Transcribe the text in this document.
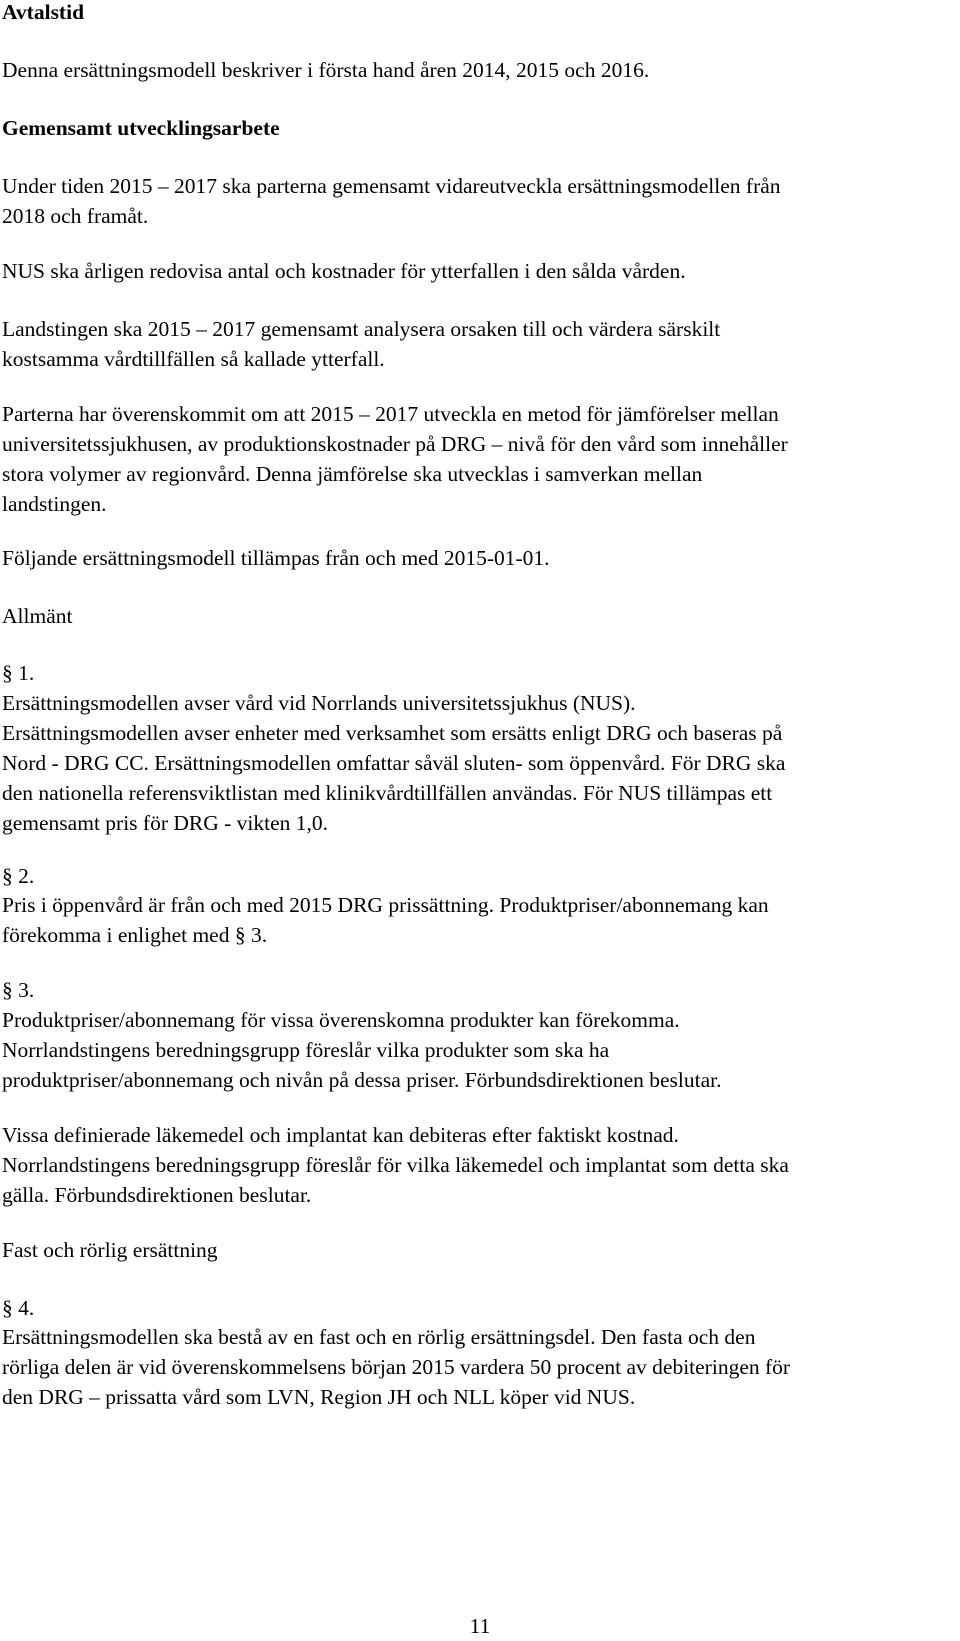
Avtalstid
Denna ersättningsmodell beskriver i första hand åren 2014, 2015 och 2016.
Gemensamt utvecklingsarbete
Under tiden 2015 – 2017 ska parterna gemensamt vidareutveckla ersättningsmodellen från
2018 och framåt.
NUS ska årligen redovisa antal och kostnader för ytterfallen i den sålda vården.
Landstingen ska 2015 – 2017 gemensamt analysera orsaken till och värdera särskilt
kostsamma vårdtillfällen så kallade ytterfall.
Parterna har överenskommit om att 2015 – 2017 utveckla en metod för jämförelser mellan
universitetssjukhusen, av produktionskostnader på DRG – nivå för den vård som innehåller
stora volymer av regionvård. Denna jämförelse ska utvecklas i samverkan mellan
landstingen.
Följande ersättningsmodell tillämpas från och med 2015-01-01.
Allmänt
§ 1.
Ersättningsmodellen avser vård vid Norrlands universitetssjukhus (NUS).
Ersättningsmodellen avser enheter med verksamhet som ersätts enligt DRG och baseras på
Nord - DRG CC. Ersättningsmodellen omfattar såväl sluten- som öppenvård. För DRG ska
den nationella referensviktlistan med klinikvårdtillfällen användas. För NUS tillämpas ett
gemensamt pris för DRG - vikten 1,0.
§ 2.
Pris i öppenvård är från och med 2015 DRG prissättning. Produktpriser/abonnemang kan
förekomma i enlighet med § 3.
§ 3.
Produktpriser/abonnemang för vissa överenskomna produkter kan förekomma.
Norrlandstingens beredningsgrupp föreslår vilka produkter som ska ha
produktpriser/abonnemang och nivån på dessa priser. Förbundsdirektionen beslutar.
Vissa definierade läkemedel och implantat kan debiteras efter faktiskt kostnad.
Norrlandstingens beredningsgrupp föreslår för vilka läkemedel och implantat som detta ska
gälla. Förbundsdirektionen beslutar.
Fast och rörlig ersättning
§ 4.
Ersättningsmodellen ska bestå av en fast och en rörlig ersättningsdel. Den fasta och den
rörliga delen är vid överenskommelsens början 2015 vardera 50 procent av debiteringen för
den DRG – prissatta vård som LVN, Region JH och NLL köper vid NUS.
11
